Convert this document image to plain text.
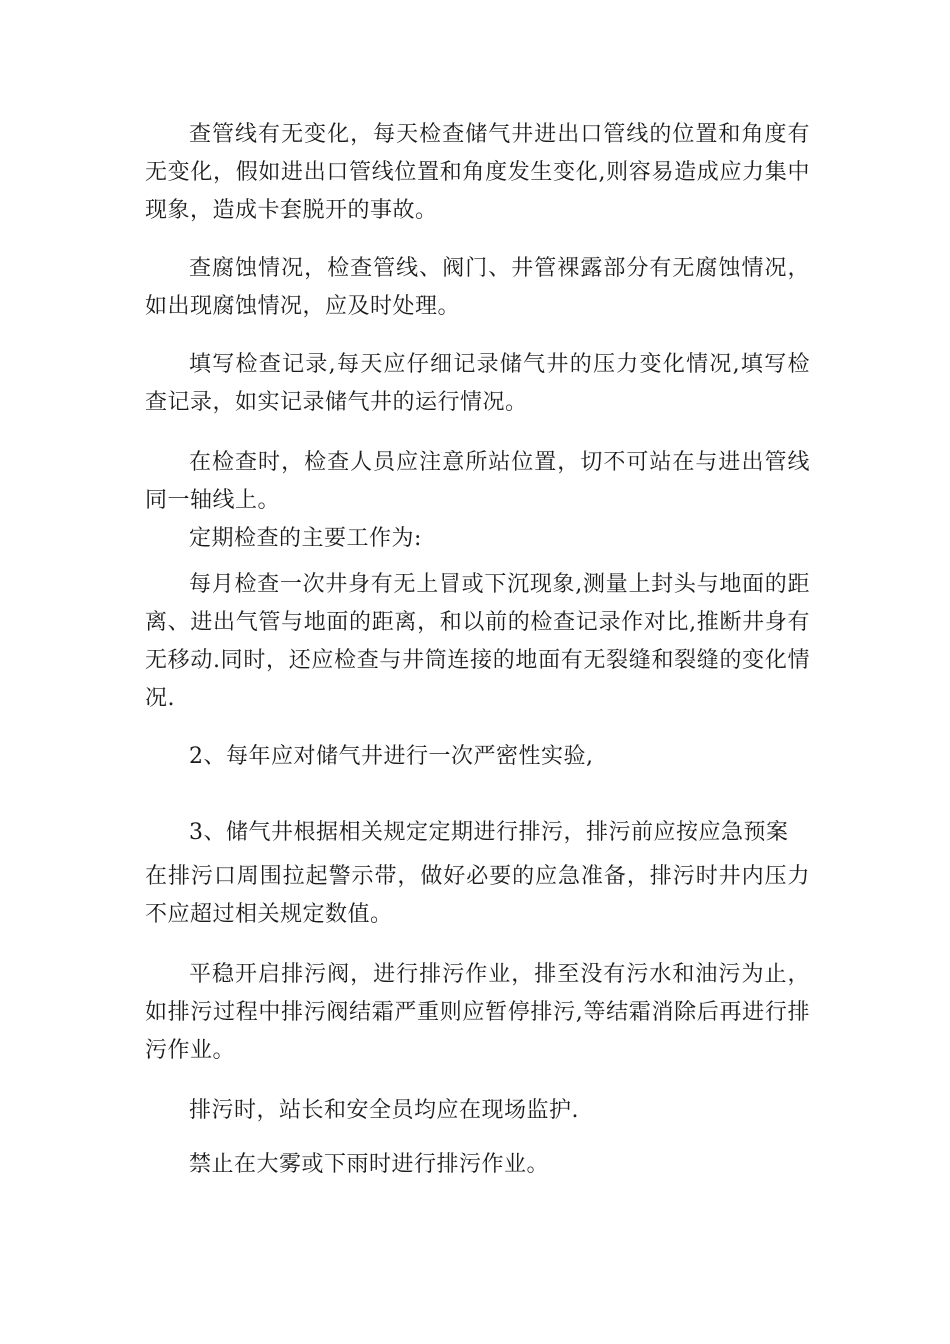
查管线有无变化，每天检查储气井进出口管线的位置和角度有无变化，假如进出口管线位置和角度发生变化,则容易造成应力集中现象，造成卡套脱开的事故。

查腐蚀情况，检查管线、阀门、井管裸露部分有无腐蚀情况，如出现腐蚀情况，应及时处理。

填写检查记录,每天应仔细记录储气井的压力变化情况,填写检查记录，如实记录储气井的运行情况。

在检查时，检查人员应注意所站位置，切不可站在与进出管线同一轴线上。

定期检查的主要工作为:

每月检查一次井身有无上冒或下沉现象,测量上封头与地面的距离、进出气管与地面的距离，和以前的检查记录作对比,推断井身有无移动.同时，还应检查与井筒连接的地面有无裂缝和裂缝的变化情况.

2、每年应对储气井进行一次严密性实验,

3、储气井根据相关规定定期进行排污，排污前应按应急预案

在排污口周围拉起警示带，做好必要的应急准备，排污时井内压力不应超过相关规定数值。

平稳开启排污阀，进行排污作业，排至没有污水和油污为止，如排污过程中排污阀结霜严重则应暂停排污,等结霜消除后再进行排污作业。

排污时，站长和安全员均应在现场监护.

禁止在大雾或下雨时进行排污作业。
